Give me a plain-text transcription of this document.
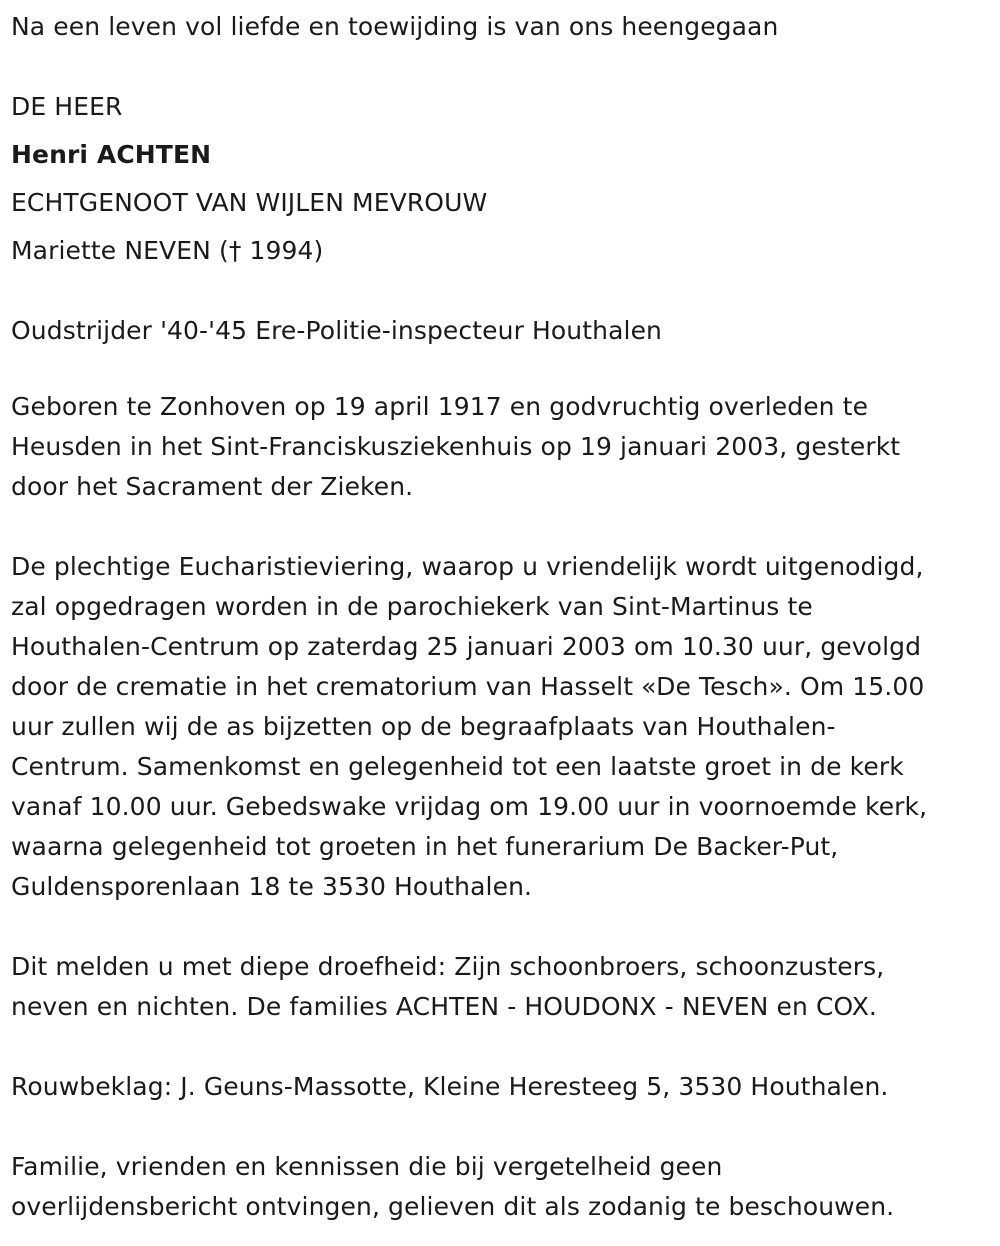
Na een leven vol liefde en toewijding is van ons heengegaan
DE HEER
Henri ACHTEN
ECHTGENOOT VAN WIJLEN MEVROUW
Mariette NEVEN († 1994)
Oudstrijder '40-'45 Ere-Politie-inspecteur Houthalen

Geboren te Zonhoven op 19 april 1917 en godvruchtig overleden te
Heusden in het Sint-Franciskusziekenhuis op 19 januari 2003, gesterkt
door het Sacrament der Zieken.

De plechtige Eucharistieviering, waarop u vriendelijk wordt uitgenodigd,
zal opgedragen worden in de parochiekerk van Sint-Martinus te
Houthalen-Centrum op zaterdag 25 januari 2003 om 10.30 uur, gevolgd
door de crematie in het crematorium van Hasselt «De Tesch». Om 15.00
uur zullen wij de as bijzetten op de begraafplaats van Houthalen-
Centrum. Samenkomst en gelegenheid tot een laatste groet in de kerk
vanaf 10.00 uur. Gebedswake vrijdag om 19.00 uur in voornoemde kerk,
waarna gelegenheid tot groeten in het funerarium De Backer-Put,
Guldensporenlaan 18 te 3530 Houthalen.

Dit melden u met diepe droefheid: Zijn schoonbroers, schoonzusters,
neven en nichten. De families ACHTEN - HOUDONX - NEVEN en COX.

Rouwbeklag: J. Geuns-Massotte, Kleine Heresteeg 5, 3530 Houthalen.

Familie, vrienden en kennissen die bij vergetelheid geen
overlijdensbericht ontvingen, gelieven dit als zodanig te beschouwen.
